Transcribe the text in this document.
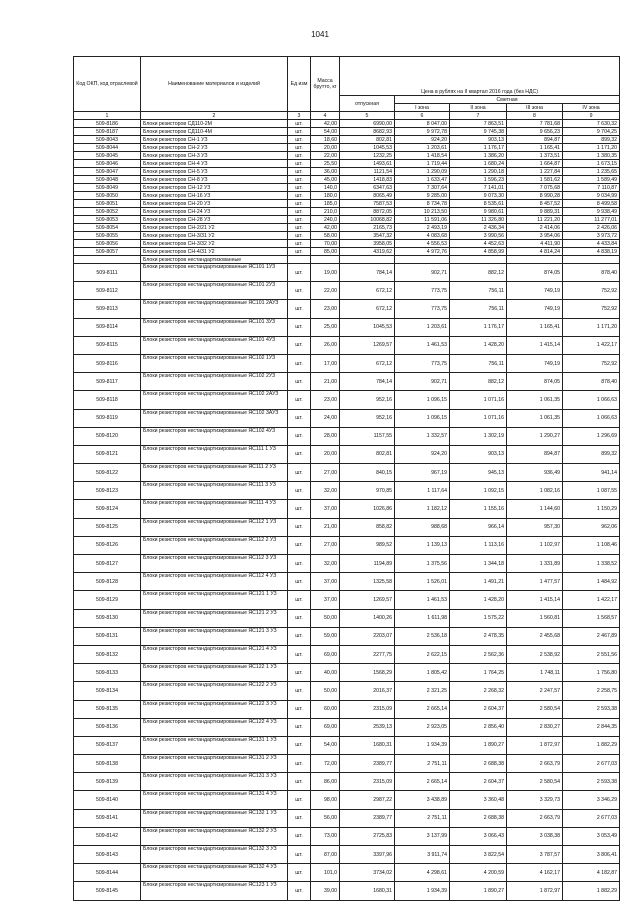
1041
Код ОКП, код отраслевой	Наименование материалов и изделий	Ед изм	Масса брутто, кг	Цена в рублях на II квартал 2016 года (без НДС)				
				отпускная	Сметная			
					I зона	II зона	III зона	IV зона
1	2	3	4	5	6	7	8	9
509-8186	Блоки резисторов СД110-2М	шт.	42,00	6990,00	8 047,00	7 863,51	7 781,68	7 630,32
509-8187	Блоки резисторов СД110-4М	шт.	54,00	8682,93	9 972,78	9 745,38	9 656,23	9 704,25
509-8043	Блоки резисторов СН-1 УЗ	шт.	18,60	802,81	924,20	903,13	894,87	899,32
509-8044	Блоки резисторов СН-2 УЗ	шт.	20,00	1045,53	1 203,61	1 176,17	1 165,41	1 171,20
509-8045	Блоки резисторов СН-3 УЗ	шт.	22,00	1232,25	1 418,54	1 386,20	1 373,51	1 380,35
509-8046	Блоки резисторов СН-4 УЗ	шт.	25,50	1493,61	1 719,44	1 680,24	1 664,87	1 673,15
509-8047	Блоки резисторов СН-5 УЗ	шт.	36,00	1121,54	1 290,09	1 290,18	1 227,84	1 235,65
509-8048	Блоки резисторов СН-8 УЗ	шт.	45,00	1418,83	1 633,47	1 596,23	1 581,62	1 589,49
509-8049	Блоки резисторов СН-12 УЗ	шт.	140,0	6347,63	7 307,64	7 141,01	7 075,68	7 110,87
509-8050	Блоки резисторов СН-16 УЗ	шт.	180,0	8065,49	9 285,00	9 073,30	8 990,28	9 034,99
509-8051	Блоки резисторов СН-20 УЗ	шт.	185,0	7587,53	8 734,78	8 535,61	8 457,52	8 499,58
509-8052	Блоки резисторов СН-24 УЗ	шт.	210,0	8872,05	10 213,50	9 980,61	9 889,31	9 938,49
509-8053	Блоки резисторов СН-28 УЗ	шт.	240,0	10068,82	11 591,06	11 326,80	11 221,20	11 277,01
509-8054	Блоки резисторов СН-2/21 У2	шт.	42,00	2165,73	2 493,19	2 436,34	2 414,06	2 426,06
509-8055	Блоки резисторов СН-3/31 У2	шт.	58,00	3547,32	4 083,68	3 990,56	3 954,06	3 973,72
509-8056	Блоки резисторов СН-3/32 У2	шт.	70,00	3958,05	4 556,53	4 452,63	4 411,90	4 433,84
509-8057	Блоки резисторов СН-4/31 У2	шт.	85,00	4319,62	4 972,76	4 858,99	4 814,24	4 838,19
	Блоки резисторов нестандартизованные							
509-8111	Блоки резисторов нестандартизированные ЯС101 1УЗ	шт.	19,00	784,14	902,71	882,12	874,05	878,40
509-8112	Блоки резисторов нестандартизированные ЯС101 2УЗ	шт.	22,00	672,12	773,75	756,11	749,19	752,92
509-8113	Блоки резисторов нестандартизированные ЯС101 2АУЗ	шт.	23,00	672,12	773,75	756,11	749,19	752,92
509-8114	Блоки резисторов нестандартизированные ЯС101 3УЗ	шт.	25,00	1045,53	1 203,61	1 176,17	1 165,41	1 171,20
509-8115	Блоки резисторов нестандартизированные ЯС101 4УЗ	шт.	26,00	1269,57	1 461,53	1 428,20	1 415,14	1 422,17
509-8116	Блоки резисторов нестандартизированные ЯС102 1УЗ	шт.	17,00	672,12	773,75	756,11	749,19	752,92
509-8117	Блоки резисторов нестандартизированные ЯС102 2УЗ	шт.	21,00	784,14	902,71	882,12	874,05	878,40
509-8118	Блоки резисторов нестандартизированные ЯС102 2АУЗ	шт.	23,00	952,16	1 096,15	1 071,16	1 061,35	1 066,63
509-8119	Блоки резисторов нестандартизированные ЯС102 3АУЗ	шт.	24,00	952,16	1 096,15	1 071,16	1 061,35	1 066,63
509-8120	Блоки резисторов нестандартизированные ЯС102 4УЗ	шт.	28,00	1157,55	1 332,57	1 302,19	1 290,27	1 296,69
509-8121	Блоки резисторов нестандартизированные ЯС111 1 УЗ	шт.	20,00	802,81	924,20	903,13	894,87	899,32
509-8122	Блоки резисторов нестандартизированные ЯС111 2 УЗ	шт.	27,00	840,15	967,19	945,13	936,49	941,14
509-8123	Блоки резисторов нестандартизированные ЯС111 3 УЗ	шт.	32,00	970,85	1 117,64	1 092,15	1 082,16	1 087,55
509-8124	Блоки резисторов нестандартизированные ЯС111 4 УЗ	шт.	37,00	1026,86	1 182,12	1 155,16	1 144,60	1 150,29
509-8125	Блоки резисторов нестандартизированные ЯС112 1 УЗ	шт.	21,00	858,82	988,68	966,14	957,30	962,06
509-8126	Блоки резисторов нестандартизированные ЯС112 2 УЗ	шт.	27,00	989,52	1 139,13	1 113,16	1 102,97	1 108,46
509-8127	Блоки резисторов нестандартизированные ЯС112 3 УЗ	шт.	32,00	1194,89	1 375,56	1 344,18	1 331,89	1 338,52
509-8128	Блоки резисторов нестандартизированные ЯС112 4 УЗ	шт.	37,00	1325,58	1 526,01	1 491,21	1 477,57	1 484,92
509-8129	Блоки резисторов нестандартизированные ЯС121 1 УЗ	шт.	37,00	1269,57	1 461,53	1 428,20	1 415,14	1 422,17
509-8130	Блоки резисторов нестандартизированные ЯС121 2 УЗ	шт.	50,00	1400,26	1 611,98	1 575,22	1 560,81	1 568,57
509-8131	Блоки резисторов нестандартизированные ЯС121 3 УЗ	шт.	59,00	2203,07	2 536,18	2 478,35	2 455,68	2 467,89
509-8132	Блоки резисторов нестандартизированные ЯС121 4 УЗ	шт.	69,00	2277,75	2 622,15	2 562,36	2 538,92	2 551,56
509-8133	Блоки резисторов нестандартизированные ЯС122 1 УЗ	шт.	40,00	1568,29	1 805,42	1 764,25	1 748,11	1 756,80
509-8134	Блоки резисторов нестандартизированные ЯС122 2 УЗ	шт.	50,00	2016,37	2 321,25	2 268,32	2 247,57	2 258,75
509-8135	Блоки резисторов нестандартизированные ЯС122 3 УЗ	шт.	60,00	2315,09	2 665,14	2 604,37	2 580,54	2 593,38
509-8136	Блоки резисторов нестандартизированные ЯС122 4 УЗ	шт.	69,00	2539,13	2 923,05	2 856,40	2 830,27	2 844,35
509-8137	Блоки резисторов нестандартизированные ЯС131 1 УЗ	шт.	54,00	1680,31	1 934,39	1 890,27	1 872,97	1 882,29
509-8138	Блоки резисторов нестандартизированные ЯС131 2 УЗ	шт.	72,00	2389,77	2 751,11	2 688,38	2 663,79	2 677,03
509-8139	Блоки резисторов нестандартизированные ЯС131 3 УЗ	шт.	86,00	2315,09	2 665,14	2 604,37	2 580,54	2 593,38
509-8140	Блоки резисторов нестандартизированные ЯС131 4 УЗ	шт.	98,00	2987,22	3 438,89	3 360,48	3 329,73	3 346,29
509-8141	Блоки резисторов нестандартизированные ЯС132 1 УЗ	шт.	56,00	2389,77	2 751,11	2 688,38	2 663,79	2 677,03
509-8142	Блоки резисторов нестандартизированные ЯС132 2 УЗ	шт.	73,00	2725,83	3 137,99	3 066,43	3 038,38	3 053,49
509-8143	Блоки резисторов нестандартизированные ЯС132 3 УЗ	шт.	87,00	3397,96	3 911,74	3 822,54	3 787,57	3 806,41
509-8144	Блоки резисторов нестандартизированные ЯС132 4 УЗ	шт.	101,0	3734,02	4 298,61	4 200,59	4 162,17	4 182,87
509-8145	Блоки резисторов нестандартизированные ЯС123 1 УЗ	шт.	39,00	1680,31	1 934,39	1 890,27	1 872,97	1 882,29
